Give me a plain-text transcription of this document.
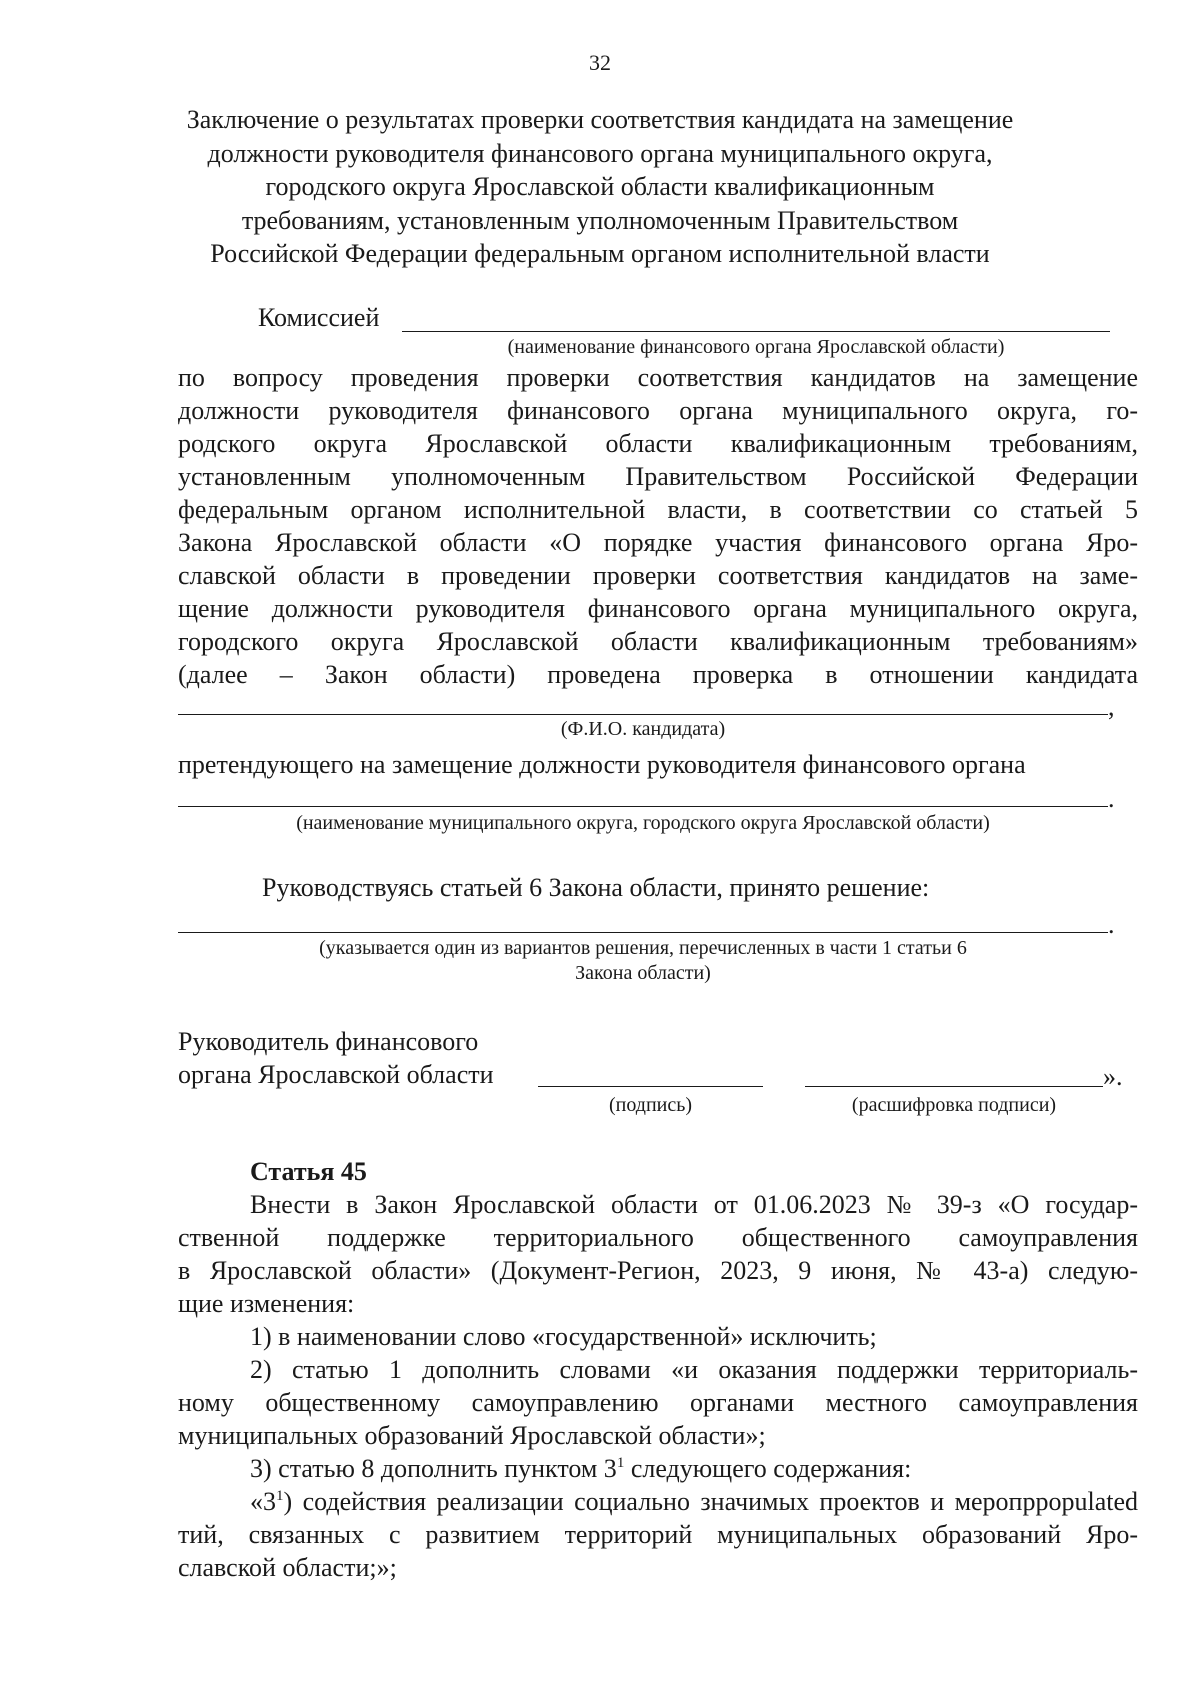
32
Заключение о результатах проверки соответствия кандидата на замещение
должности руководителя финансового органа муниципального округа,
городского округа Ярославской области квалификационным
требованиям, установленным уполномоченным Правительством
Российской Федерации федеральным органом исполнительной власти
Комиссией
(наименование финансового органа Ярославской области)
по вопросу проведения проверки соответствия кандидатов на замещение
должности руководителя финансового органа муниципального округа, го-
родского округа Ярославской области квалификационным требованиям,
установленным уполномоченным Правительством Российской Федерации
федеральным органом исполнительной власти, в соответствии со статьей 5
Закона Ярославской области «О порядке участия финансового органа Яро-
славской области в проведении проверки соответствия кандидатов на заме-
щение должности руководителя финансового органа муниципального округа,
городского округа Ярославской области квалификационным требованиям»
(далее – Закон области) проведена проверка в отношении кандидата
,
(Ф.И.О. кандидата)
претендующего на замещение должности руководителя финансового органа
.
(наименование муниципального округа, городского округа Ярославской области)
Руководствуясь статьей 6 Закона области, принято решение:
.
(указывается один из вариантов решения, перечисленных в части 1 статьи 6
Закона области)
Руководитель финансового
органа Ярославской области	».
(подпись)	(расшифровка подписи)
Статья 45
Внести в Закон Ярославской области от 01.06.2023 № 39-з «О государ-
ственной поддержке территориального общественного самоуправления
в Ярославской области» (Документ-Регион, 2023, 9 июня, № 43-а) следую-
щие изменения:
1) в наименовании слово «государственной» исключить;
2) статью 1 дополнить словами «и оказания поддержки территориаль-
ному общественному самоуправлению органами местного самоуправления
муниципальных образований Ярославской области»;
3) статью 8 дополнить пунктом $3^1$ следующего содержания:
«$3^1$) содействия реализации социально значимых проектов и меропрpopulated
тий, связанных с развитием территорий муниципальных образований Яро-
славской области;»;
